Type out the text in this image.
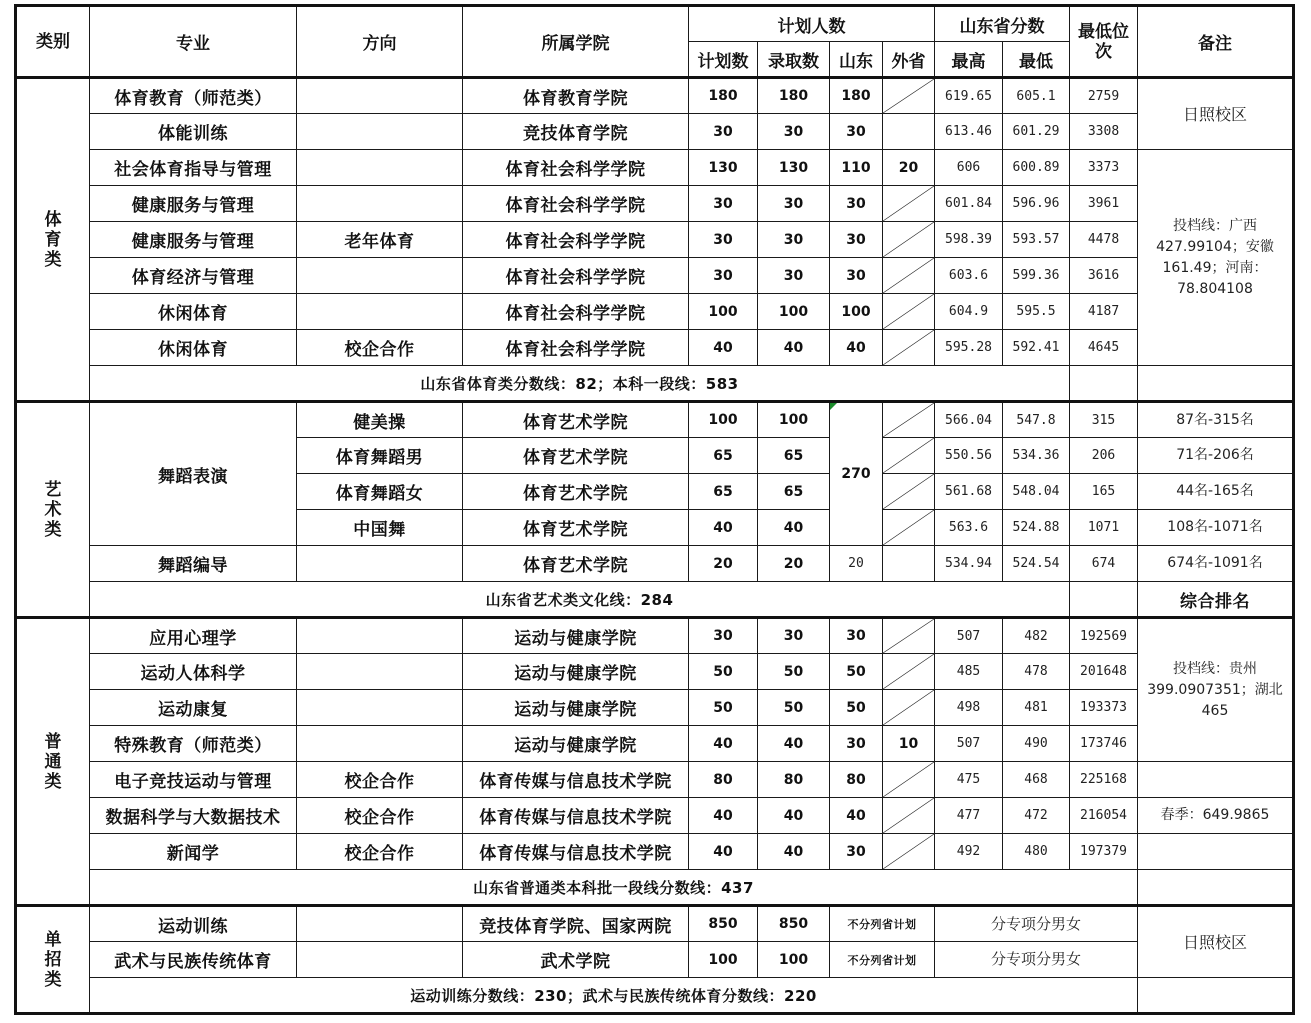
类别	专业	方向	所属学院	计划人数				山东省分数		最低位次	备注
				计划数	录取数	山东	外省	最高	最低		

体育类	体育教育（师范类）		体育教育学院	180	180	180		619.65	605.1	2759	日照校区
	体能训练		竞技体育学院	30	30	30		613.46	601.29	3308	
	社会体育指导与管理		体育社会科学学院	130	130	110	20	606	600.89	3373	投档线：广西427.99104；安徽161.49；河南：78.804108
	健康服务与管理		体育社会科学学院	30	30	30		601.84	596.96	3961	
	健康服务与管理	老年体育	体育社会科学学院	30	30	30		598.39	593.57	4478	
	体育经济与管理		体育社会科学学院	30	30	30		603.6	599.36	3616	
	休闲体育		体育社会科学学院	100	100	100		604.9	595.5	4187	
	休闲体育	校企合作	体育社会科学学院	40	40	40		595.28	592.41	4645	
	山东省体育类分数线：82；本科一段线：583										

艺术类	舞蹈表演	健美操	体育艺术学院	100	100	270		566.04	547.8	315	87名-315名
		体育舞蹈男	体育艺术学院	65	65			550.56	534.36	206	71名-206名
		体育舞蹈女	体育艺术学院	65	65			561.68	548.04	165	44名-165名
		中国舞	体育艺术学院	40	40			563.6	524.88	1071	108名-1071名
	舞蹈编导		体育艺术学院	20	20	20		534.94	524.54	674	674名-1091名
	山东省艺术类文化线：284										综合排名

普通类	应用心理学		运动与健康学院	30	30	30		507	482	192569	投档线：贵州399.0907351；湖北465
	运动人体科学		运动与健康学院	50	50	50		485	478	201648	
	运动康复		运动与健康学院	50	50	50		498	481	193373	
	特殊教育（师范类）		运动与健康学院	40	40	30	10	507	490	173746	
	电子竞技运动与管理	校企合作	体育传媒与信息技术学院	80	80	80		475	468	225168	
	数据科学与大数据技术	校企合作	体育传媒与信息技术学院	40	40	40		477	472	216054	春季：649.9865
	新闻学	校企合作	体育传媒与信息技术学院	40	40	30		492	480	197379	
	山东省普通类本科批一段线分数线：437										

单招类	运动训练		竞技体育学院、国家两院	850	850	不分列省计划		分专项分男女			日照校区
	武术与民族传统体育		武术学院	100	100	不分列省计划		分专项分男女			
	运动训练分数线：230；武术与民族传统体育分数线：220										
